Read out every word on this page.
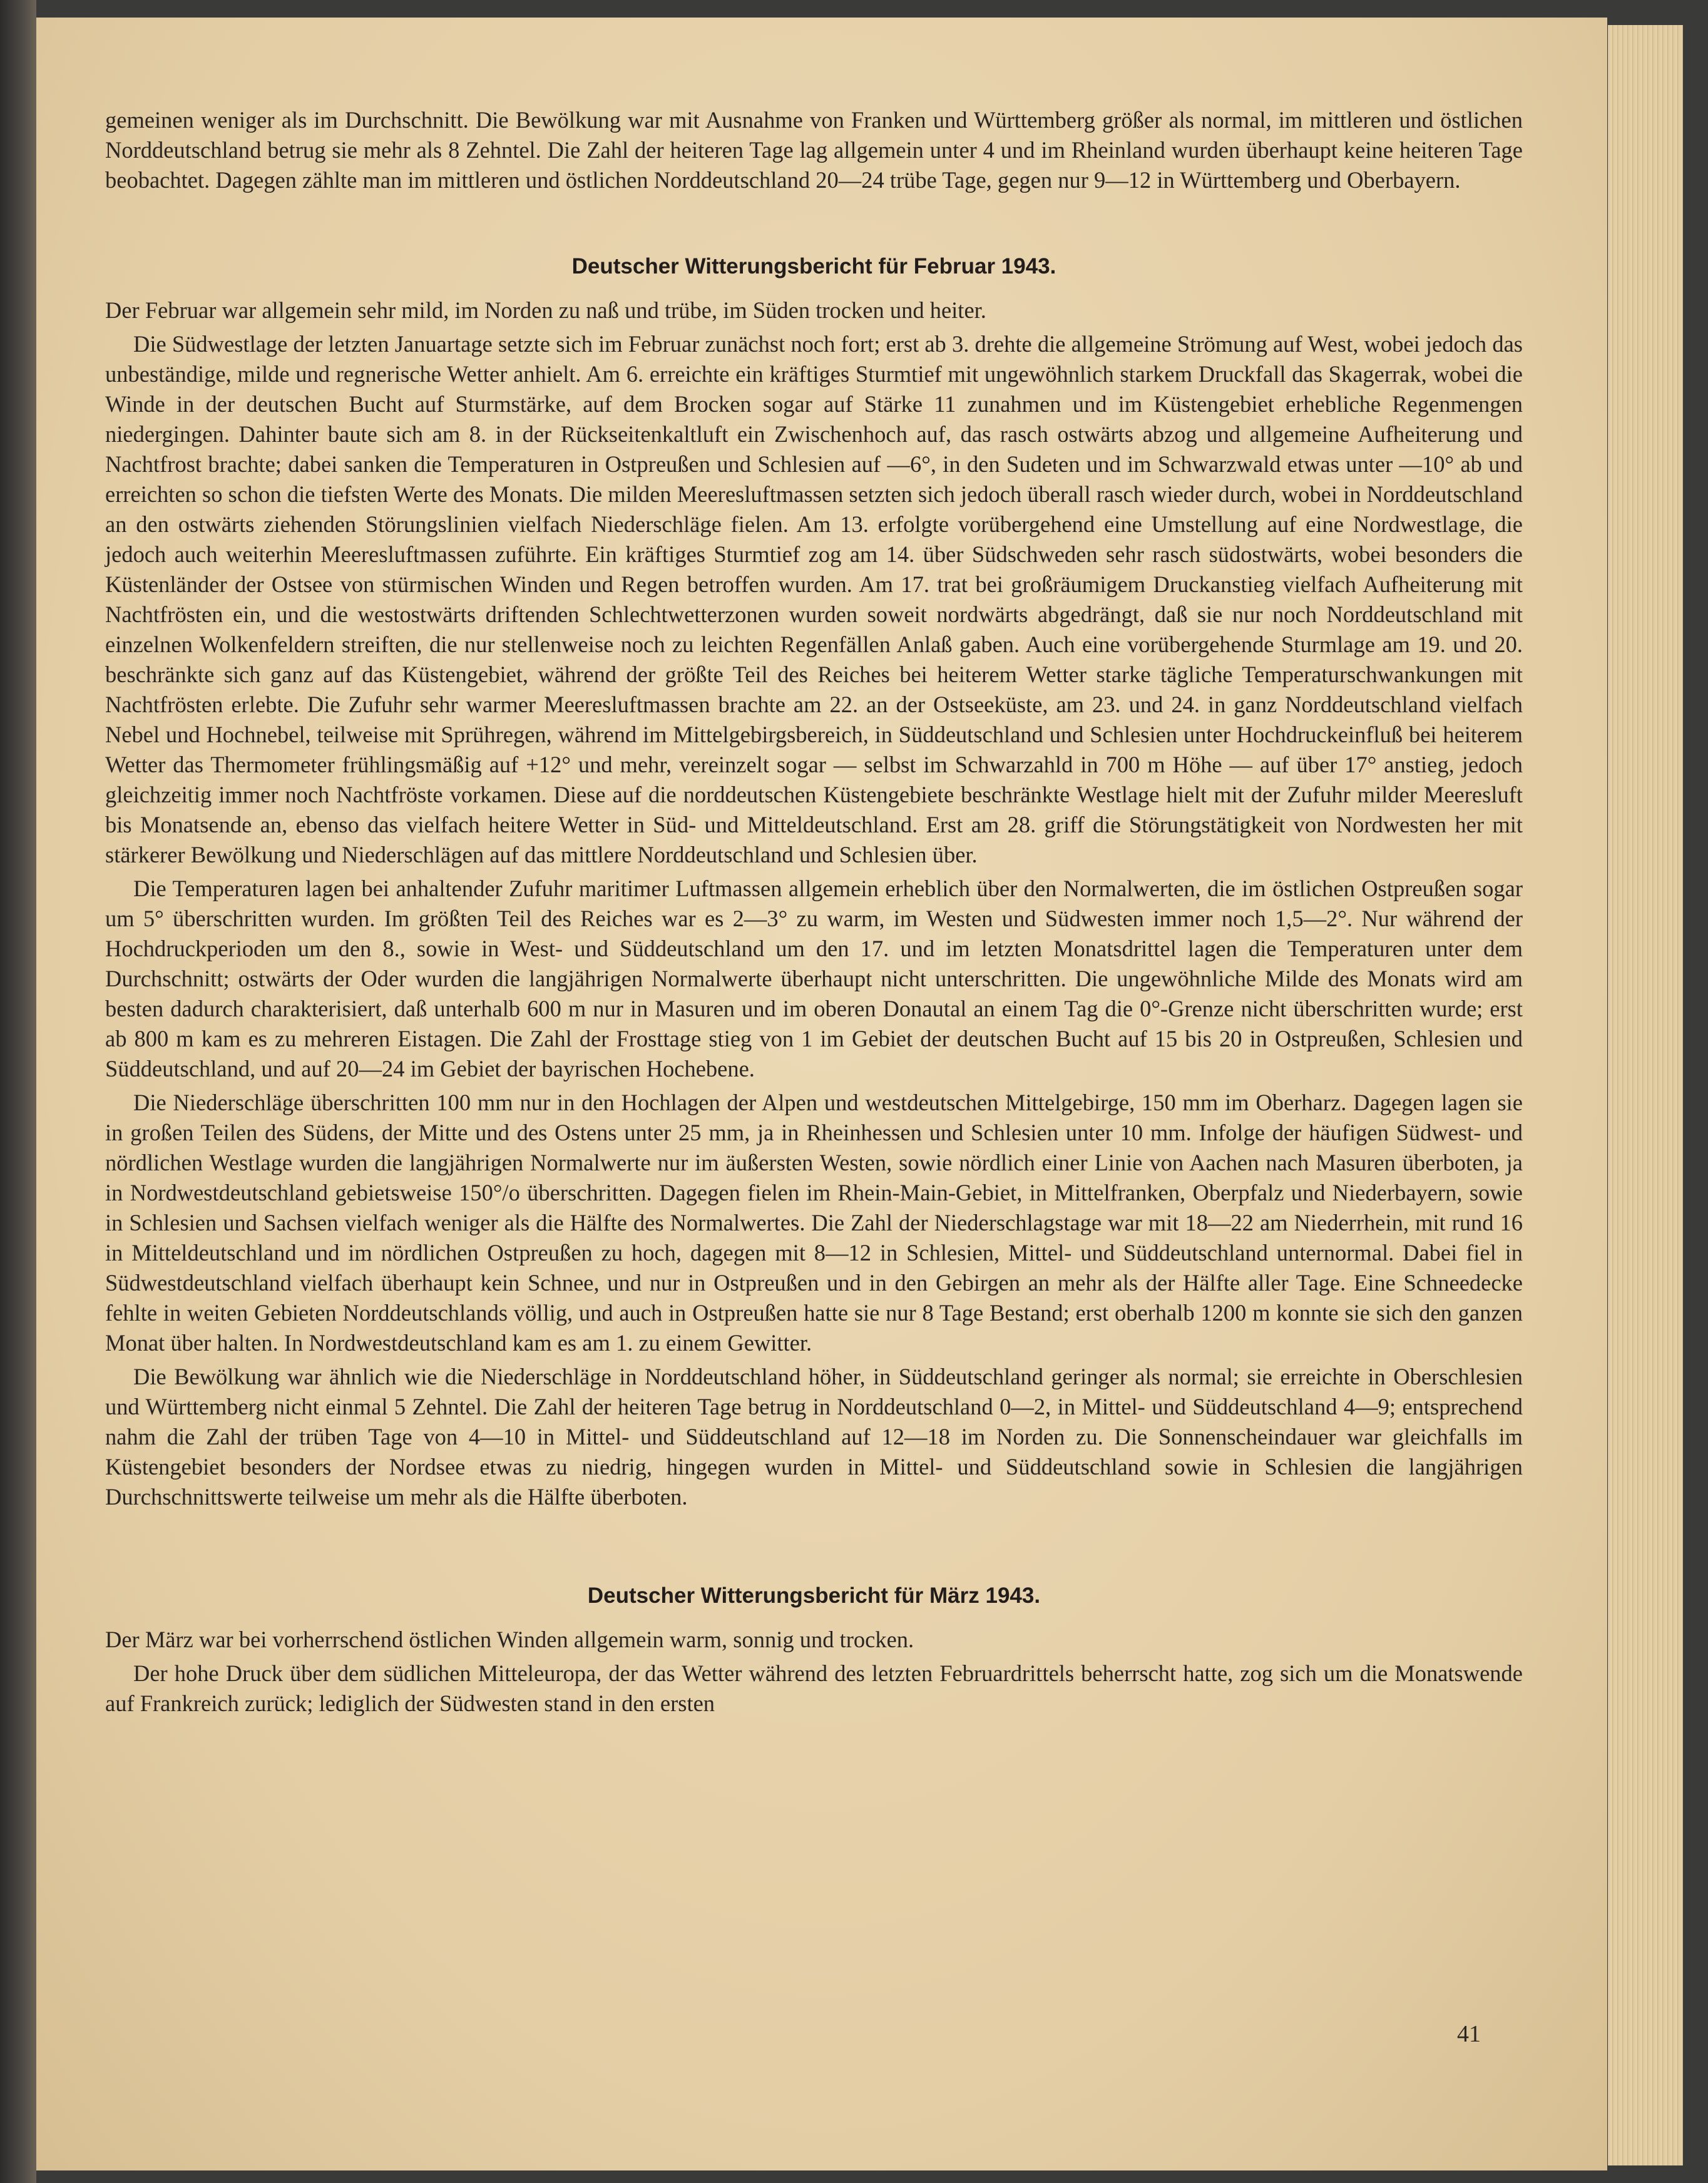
gemeinen weniger als im Durchschnitt. Die Bewölkung war mit Ausnahme von Franken und Württemberg größer als normal, im mittleren und östlichen Norddeutschland betrug sie mehr als 8 Zehntel. Die Zahl der heiteren Tage lag allgemein unter 4 und im Rheinland wurden überhaupt keine heiteren Tage beobachtet. Dagegen zählte man im mittleren und östlichen Norddeutschland 20—24 trübe Tage, gegen nur 9—12 in Württemberg und Oberbayern.

Deutscher Witterungsbericht für Februar 1943.

Der Februar war allgemein sehr mild, im Norden zu naß und trübe, im Süden trocken und heiter.

Die Südwestlage der letzten Januartage setzte sich im Februar zunächst noch fort; erst ab 3. drehte die allgemeine Strömung auf West, wobei jedoch das unbeständige, milde und regnerische Wetter anhielt. Am 6. erreichte ein kräftiges Sturmtief mit ungewöhnlich starkem Druckfall das Skagerrak, wobei die Winde in der deutschen Bucht auf Sturmstärke, auf dem Brocken sogar auf Stärke 11 zunahmen und im Küstengebiet erhebliche Regenmengen niedergingen. Dahinter baute sich am 8. in der Rückseitenkaltluft ein Zwischenhoch auf, das rasch ostwärts abzog und allgemeine Aufheiterung und Nachtfrost brachte; dabei sanken die Temperaturen in Ostpreußen und Schlesien auf —6°, in den Sudeten und im Schwarzwald etwas unter —10° ab und erreichten so schon die tiefsten Werte des Monats. Die milden Meeresluftmassen setzten sich jedoch überall rasch wieder durch, wobei in Norddeutschland an den ostwärts ziehenden Störungslinien vielfach Niederschläge fielen. Am 13. erfolgte vorübergehend eine Umstellung auf eine Nordwestlage, die jedoch auch weiterhin Meeresluftmassen zuführte. Ein kräftiges Sturmtief zog am 14. über Südschweden sehr rasch südostwärts, wobei besonders die Küstenländer der Ostsee von stürmischen Winden und Regen betroffen wurden. Am 17. trat bei großräumigem Druckanstieg vielfach Aufheiterung mit Nachtfrösten ein, und die westostwärts driftenden Schlechtwetterzonen wurden soweit nordwärts abgedrängt, daß sie nur noch Norddeutschland mit einzelnen Wolkenfeldern streiften, die nur stellenweise noch zu leichten Regenfällen Anlaß gaben. Auch eine vorübergehende Sturmlage am 19. und 20. beschränkte sich ganz auf das Küstengebiet, während der größte Teil des Reiches bei heiterem Wetter starke tägliche Temperaturschwankungen mit Nachtfrösten erlebte. Die Zufuhr sehr warmer Meeresluftmassen brachte am 22. an der Ostseeküste, am 23. und 24. in ganz Norddeutschland vielfach Nebel und Hochnebel, teilweise mit Sprühregen, während im Mittelgebirgsbereich, in Süddeutschland und Schlesien unter Hochdruckeinfluß bei heiterem Wetter das Thermometer frühlingsmäßig auf +12° und mehr, vereinzelt sogar — selbst im Schwarzahld in 700 m Höhe — auf über 17° anstieg, jedoch gleichzeitig immer noch Nachtfröste vorkamen. Diese auf die norddeutschen Küstengebiete beschränkte Westlage hielt mit der Zufuhr milder Meeresluft bis Monatsende an, ebenso das vielfach heitere Wetter in Süd- und Mitteldeutschland. Erst am 28. griff die Störungstätigkeit von Nordwesten her mit stärkerer Bewölkung und Niederschlägen auf das mittlere Norddeutschland und Schlesien über.

Die Temperaturen lagen bei anhaltender Zufuhr maritimer Luftmassen allgemein erheblich über den Normalwerten, die im östlichen Ostpreußen sogar um 5° überschritten wurden. Im größten Teil des Reiches war es 2—3° zu warm, im Westen und Südwesten immer noch 1,5—2°. Nur während der Hochdruckperioden um den 8., sowie in West- und Süddeutschland um den 17. und im letzten Monatsdrittel lagen die Temperaturen unter dem Durchschnitt; ostwärts der Oder wurden die langjährigen Normalwerte überhaupt nicht unterschritten. Die ungewöhnliche Milde des Monats wird am besten dadurch charakterisiert, daß unterhalb 600 m nur in Masuren und im oberen Donautal an einem Tag die 0°-Grenze nicht überschritten wurde; erst ab 800 m kam es zu mehreren Eistagen. Die Zahl der Frosttage stieg von 1 im Gebiet der deutschen Bucht auf 15 bis 20 in Ostpreußen, Schlesien und Süddeutschland, und auf 20—24 im Gebiet der bayrischen Hochebene.

Die Niederschläge überschritten 100 mm nur in den Hochlagen der Alpen und westdeutschen Mittelgebirge, 150 mm im Oberharz. Dagegen lagen sie in großen Teilen des Südens, der Mitte und des Ostens unter 25 mm, ja in Rheinhessen und Schlesien unter 10 mm. Infolge der häufigen Südwest- und nördlichen Westlage wurden die langjährigen Normalwerte nur im äußersten Westen, sowie nördlich einer Linie von Aachen nach Masuren überboten, ja in Nordwestdeutschland gebietsweise 150°/o überschritten. Dagegen fielen im Rhein-Main-Gebiet, in Mittelfranken, Oberpfalz und Niederbayern, sowie in Schlesien und Sachsen vielfach weniger als die Hälfte des Normalwertes. Die Zahl der Niederschlagstage war mit 18—22 am Niederrhein, mit rund 16 in Mitteldeutschland und im nördlichen Ostpreußen zu hoch, dagegen mit 8—12 in Schlesien, Mittel- und Süddeutschland unternormal. Dabei fiel in Südwestdeutschland vielfach überhaupt kein Schnee, und nur in Ostpreußen und in den Gebirgen an mehr als der Hälfte aller Tage. Eine Schneedecke fehlte in weiten Gebieten Norddeutschlands völlig, und auch in Ostpreußen hatte sie nur 8 Tage Bestand; erst oberhalb 1200 m konnte sie sich den ganzen Monat über halten. In Nordwestdeutschland kam es am 1. zu einem Gewitter.

Die Bewölkung war ähnlich wie die Niederschläge in Norddeutschland höher, in Süddeutschland geringer als normal; sie erreichte in Oberschlesien und Württemberg nicht einmal 5 Zehntel. Die Zahl der heiteren Tage betrug in Norddeutschland 0—2, in Mittel- und Süddeutschland 4—9; entsprechend nahm die Zahl der trüben Tage von 4—10 in Mittel- und Süddeutschland auf 12—18 im Norden zu. Die Sonnenscheindauer war gleichfalls im Küstengebiet besonders der Nordsee etwas zu niedrig, hingegen wurden in Mittel- und Süddeutschland sowie in Schlesien die langjährigen Durchschnittswerte teilweise um mehr als die Hälfte überboten.

Deutscher Witterungsbericht für März 1943.

Der März war bei vorherrschend östlichen Winden allgemein warm, sonnig und trocken.

Der hohe Druck über dem südlichen Mitteleuropa, der das Wetter während des letzten Februardrittels beherrscht hatte, zog sich um die Monatswende auf Frankreich zurück; lediglich der Südwesten stand in den ersten

41
